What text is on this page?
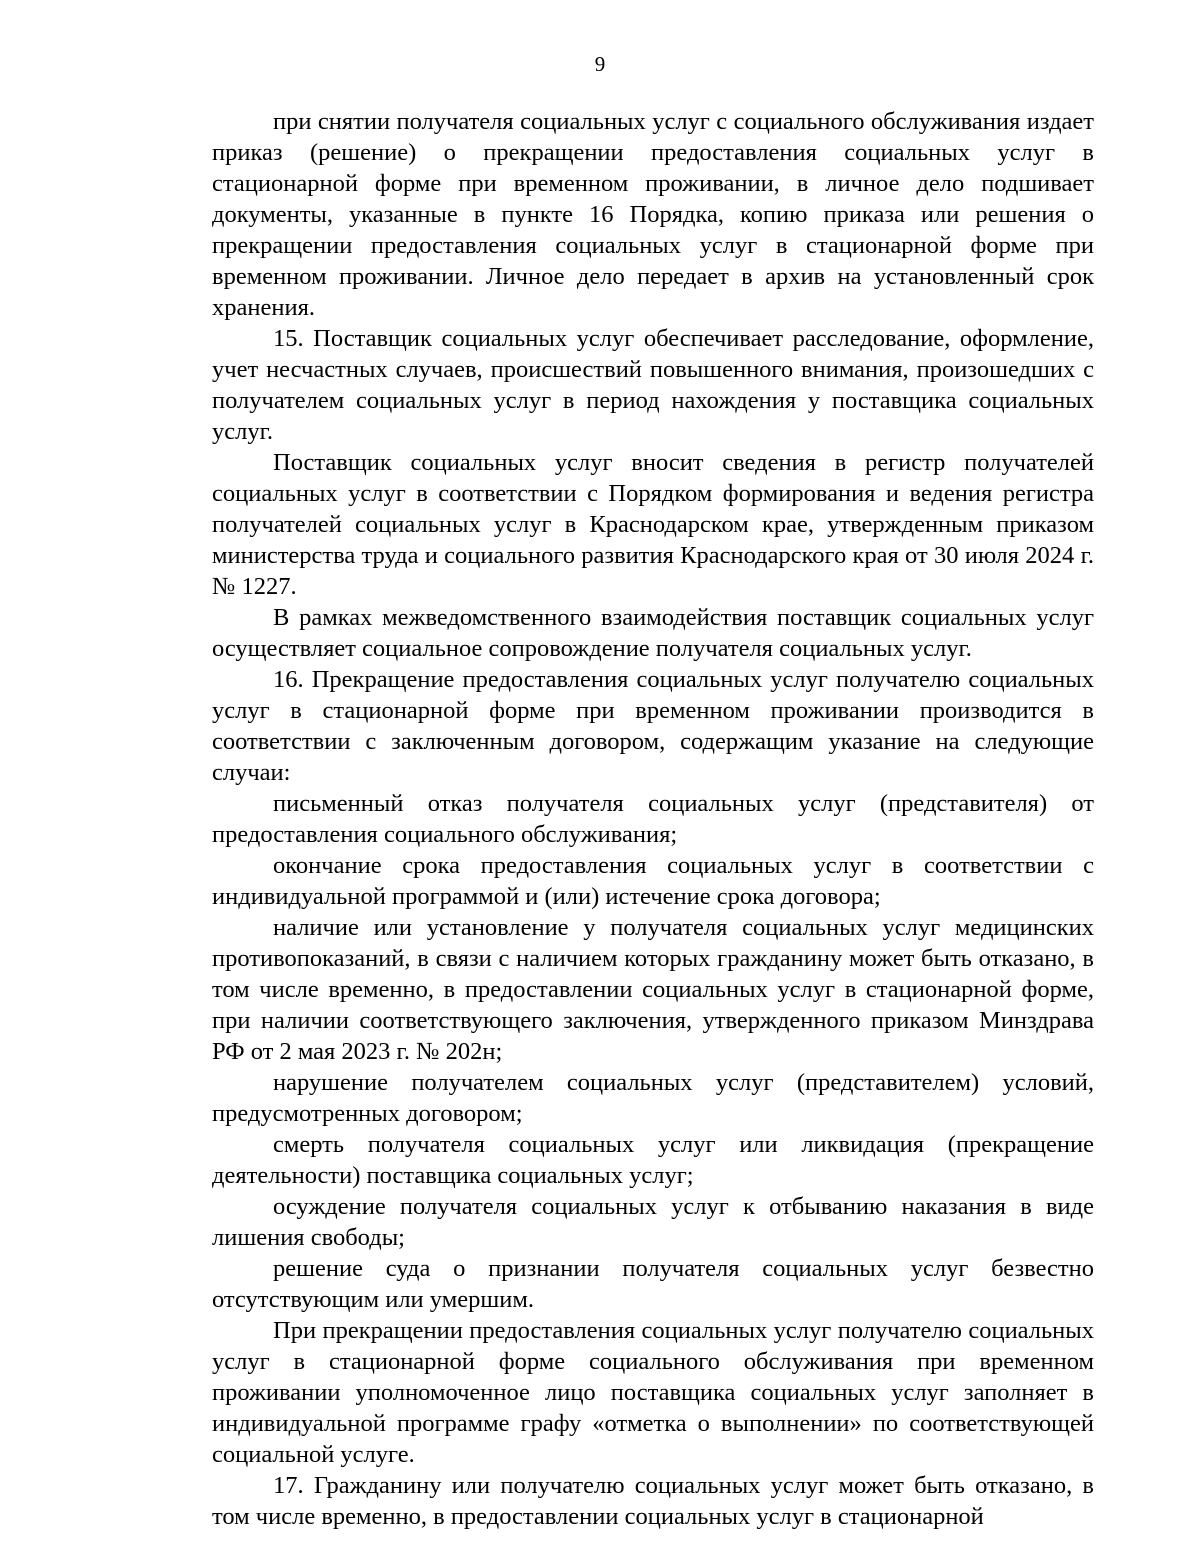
9

при снятии получателя социальных услуг с социального обслуживания издает приказ (решение) о прекращении предоставления социальных услуг в стационарной форме при временном проживании, в личное дело подшивает документы, указанные в пункте 16 Порядка, копию приказа или решения о прекращении предоставления социальных услуг в стационарной форме при временном проживании. Личное дело передает в архив на установленный срок хранения.

15. Поставщик социальных услуг обеспечивает расследование, оформление, учет несчастных случаев, происшествий повышенного внимания, произошедших с получателем социальных услуг в период нахождения у поставщика социальных услуг.

Поставщик социальных услуг вносит сведения в регистр получателей социальных услуг в соответствии с Порядком формирования и ведения регистра получателей социальных услуг в Краснодарском крае, утвержденным приказом министерства труда и социального развития Краснодарского края от 30 июля 2024 г. № 1227.

В рамках межведомственного взаимодействия поставщик социальных услуг осуществляет социальное сопровождение получателя социальных услуг.

16. Прекращение предоставления социальных услуг получателю социальных услуг в стационарной форме при временном проживании производится в соответствии с заключенным договором, содержащим указание на следующие случаи:

письменный отказ получателя социальных услуг (представителя) от предоставления социального обслуживания;

окончание срока предоставления социальных услуг в соответствии с индивидуальной программой и (или) истечение срока договора;

наличие или установление у получателя социальных услуг медицинских противопоказаний, в связи с наличием которых гражданину может быть отказано, в том числе временно, в предоставлении социальных услуг в стационарной форме, при наличии соответствующего заключения, утвержденного приказом Минздрава РФ от 2 мая 2023 г. № 202н;

нарушение получателем социальных услуг (представителем) условий, предусмотренных договором;

смерть получателя социальных услуг или ликвидация (прекращение деятельности) поставщика социальных услуг;

осуждение получателя социальных услуг к отбыванию наказания в виде лишения свободы;

решение суда о признании получателя социальных услуг безвестно отсутствующим или умершим.

При прекращении предоставления социальных услуг получателю социальных услуг в стационарной форме социального обслуживания при временном проживании уполномоченное лицо поставщика социальных услуг заполняет в индивидуальной программе графу «отметка о выполнении» по соответствующей социальной услуге.

17. Гражданину или получателю социальных услуг может быть отказано, в том числе временно, в предоставлении социальных услуг в стационарной
